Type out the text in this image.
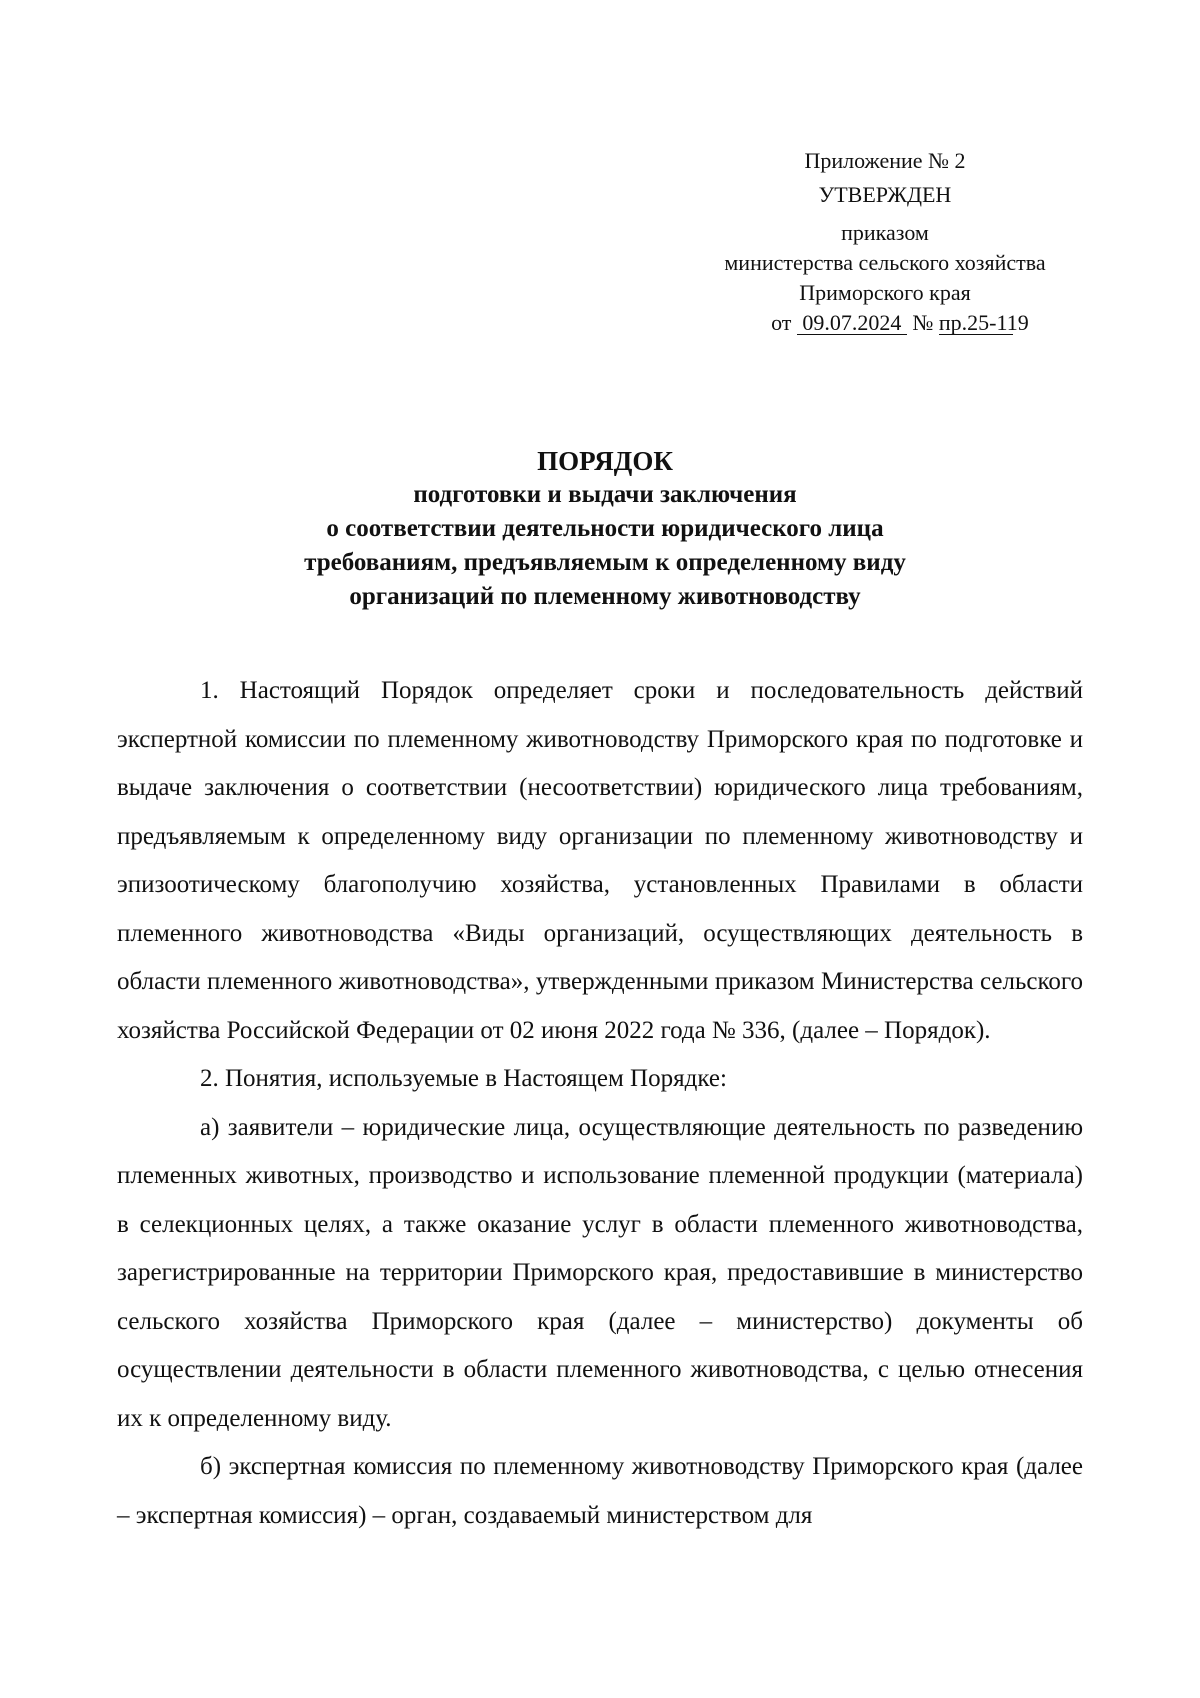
Приложение № 2
УТВЕРЖДЕН
приказом
министерства сельского хозяйства
Приморского края
от 09.07.2024 № пр.25-119
ПОРЯДОК
подготовки и выдачи заключения
о соответствии деятельности юридического лица
требованиям, предъявляемым к определенному виду
организаций по племенному животноводству

1. Настоящий Порядок определяет сроки и последовательность действий экспертной комиссии по племенному животноводству Приморского края по подготовке и выдаче заключения о соответствии (несоответствии) юридического лица требованиям, предъявляемым к определенному виду организации по племенному животноводству и эпизоотическому благополучию хозяйства, установленных Правилами в области племенного животноводства «Виды организаций, осуществляющих деятельность в области племенного животноводства», утвержденными приказом Министерства сельского хозяйства Российской Федерации от 02 июня 2022 года № 336, (далее – Порядок).

2. Понятия, используемые в Настоящем Порядке:

а) заявители – юридические лица, осуществляющие деятельность по разведению племенных животных, производство и использование племенной продукции (материала) в селекционных целях, а также оказание услуг в области племенного животноводства, зарегистрированные на территории Приморского края, предоставившие в министерство сельского хозяйства Приморского края (далее – министерство) документы об осуществлении деятельности в области племенного животноводства, с целью отнесения их к определенному виду.

б) экспертная комиссия по племенному животноводству Приморского края (далее – экспертная комиссия) – орган, создаваемый министерством для
